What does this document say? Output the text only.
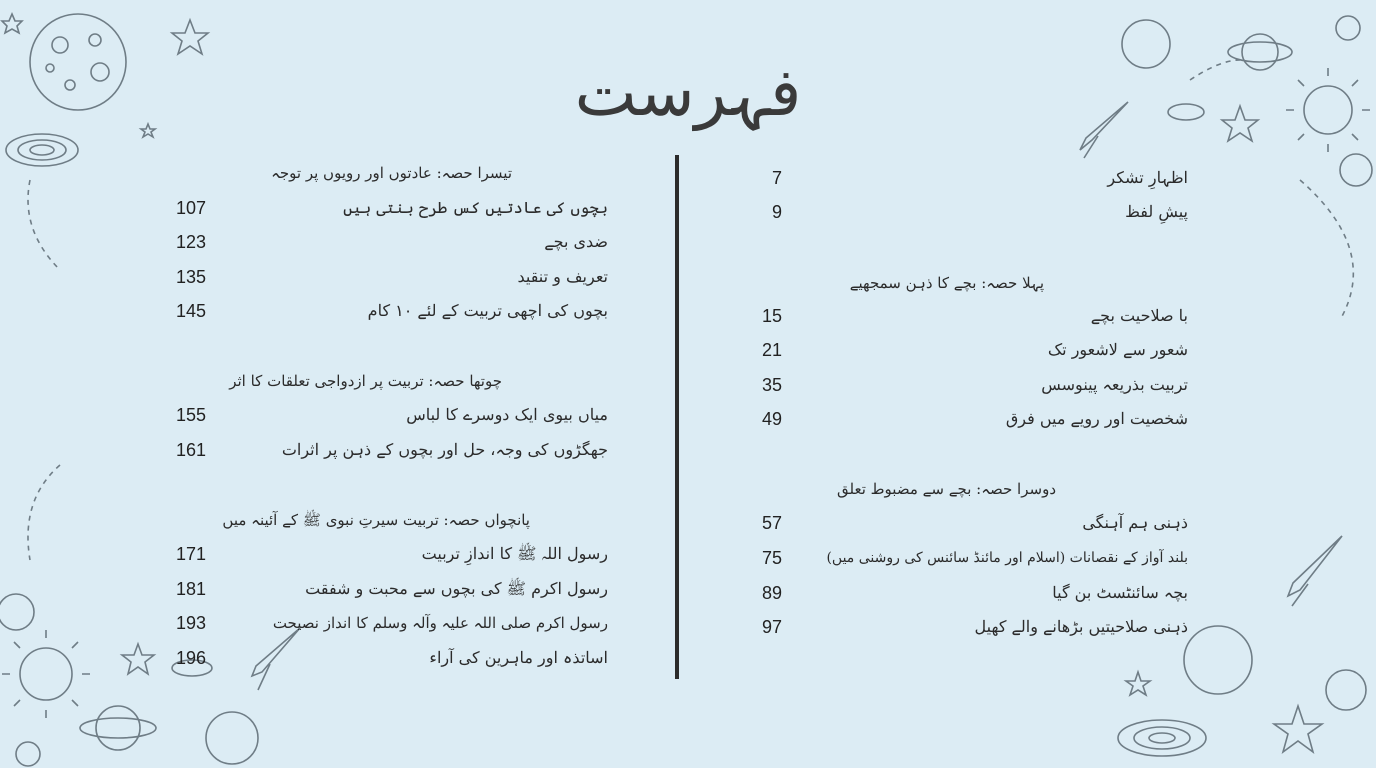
فہرست
اظہارِ تشکر
7
پیشِ لفظ
9
پہلا حصہ: بچے کا ذہن سمجھیے
با صلاحیت بچے
15
شعور سے لاشعور تک
21
تربیت بذریعہ پینوسس
35
شخصیت اور رویے میں فرق
49
دوسرا حصہ: بچے سے مضبوط تعلق
ذہنی ہم آہنگی
57
بلند آواز کے نقصانات (اسلام اور مائنڈ سائنس کی روشنی میں)
75
بچہ سائنٹسٹ بن گیا
89
ذہنی صلاحیتیں بڑھانے والے کھیل
97
تیسرا حصہ: عادتوں اور رویوں پر توجہ
بچوں کی عادتیں کس طرح بنتی ہیں
107
ضدی بچے
123
تعریف و تنقید
135
بچوں کی اچھی تربیت کے لئے ۱۰ کام
145
چوتھا حصہ: تربیت پر ازدواجی تعلقات کا اثر
میاں بیوی ایک دوسرے کا لباس
155
جھگڑوں کی وجہ، حل اور بچوں کے ذہن پر اثرات
161
پانچواں حصہ: تربیت سیرتِ نبوی ﷺ کے آئینہ میں
رسول اللہ ﷺ کا اندازِ تربیت
171
رسول اکرم ﷺ کی بچوں سے محبت و شفقت
181
رسول اکرم صلی اللہ علیہ وآلہ وسلم کا انداز نصیحت
193
اساتذہ اور ماہرین کی آراء
196
